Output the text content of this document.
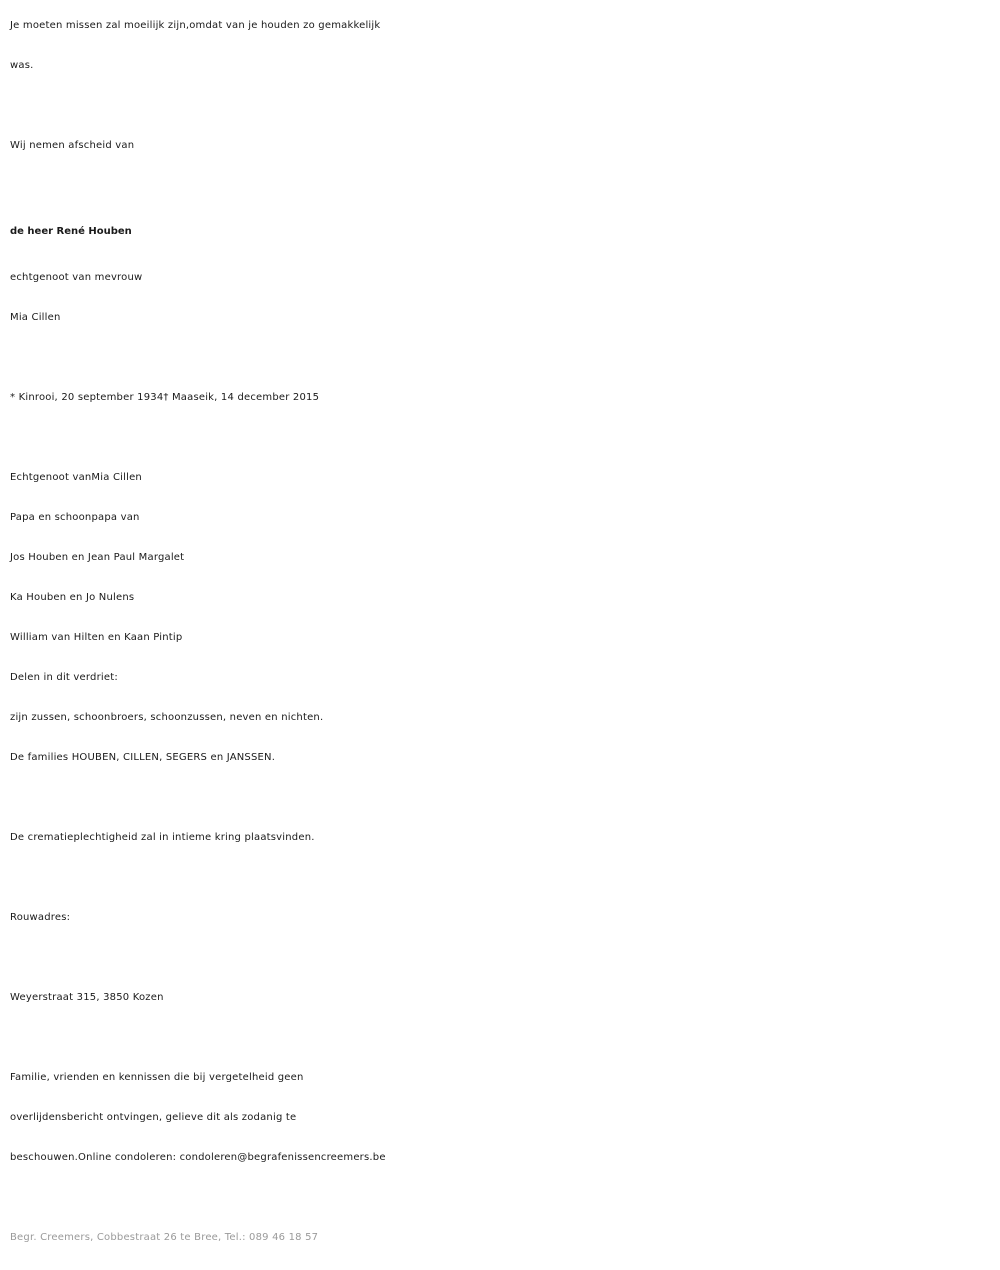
Je moeten missen zal moeilijk zijn,omdat van je houden zo gemakkelijk
was.
Wij nemen afscheid van
de heer René Houben
echtgenoot van mevrouw
Mia Cillen
* Kinrooi, 20 september 1934† Maaseik, 14 december 2015
Echtgenoot vanMia Cillen
Papa en schoonpapa van
Jos Houben en Jean Paul Margalet
Ka Houben en Jo Nulens
William van Hilten en Kaan Pintip
Delen in dit verdriet:
zijn zussen, schoonbroers, schoonzussen, neven en nichten.
De families HOUBEN, CILLEN, SEGERS en JANSSEN.
De crematieplechtigheid zal in intieme kring plaatsvinden.
Rouwadres:
Weyerstraat 315, 3850 Kozen
Familie, vrienden en kennissen die bij vergetelheid geen
overlijdensbericht ontvingen, gelieve dit als zodanig te
beschouwen.Online condoleren: condoleren@begrafenissencreemers.be
Begr. Creemers, Cobbestraat 26 te Bree, Tel.: 089 46 18 57
